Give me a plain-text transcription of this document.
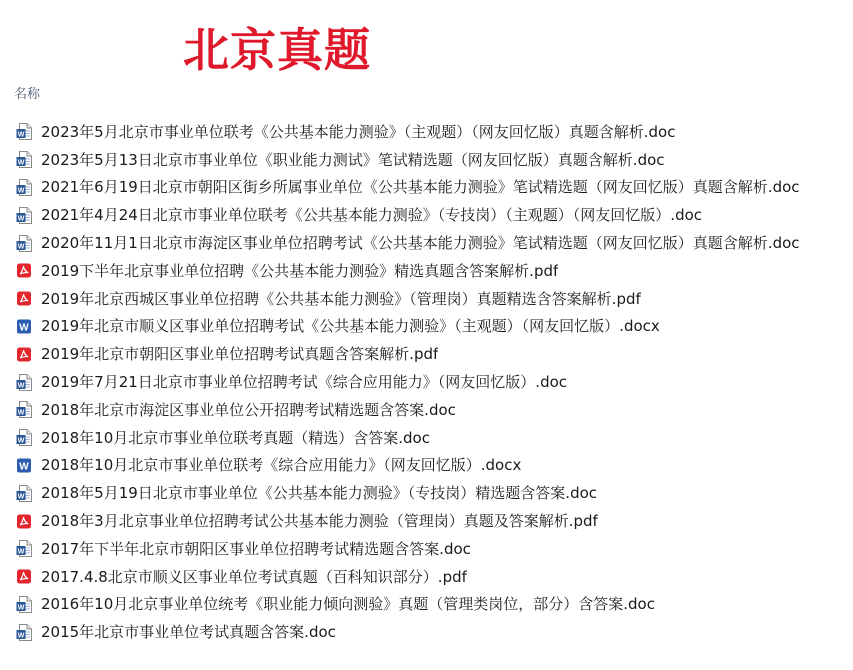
北京真题
名称
W 2023年5月北京市事业单位联考《公共基本能力测验》（主观题）（网友回忆版）真题含解析.doc
W 2023年5月13日北京市事业单位《职业能力测试》笔试精选题（网友回忆版）真题含解析.doc
W 2021年6月19日北京市朝阳区街乡所属事业单位《公共基本能力测验》笔试精选题（网友回忆版）真题含解析.doc
W 2021年4月24日北京市事业单位联考《公共基本能力测验》（专技岗）（主观题）（网友回忆版）.doc
W 2020年11月1日北京市海淀区事业单位招聘考试《公共基本能力测验》笔试精选题（网友回忆版）真题含解析.doc
2019下半年北京事业单位招聘《公共基本能力测验》精选真题含答案解析.pdf
2019年北京西城区事业单位招聘《公共基本能力测验》（管理岗）真题精选含答案解析.pdf
W 2019年北京市顺义区事业单位招聘考试《公共基本能力测验》（主观题）（网友回忆版）.docx
2019年北京市朝阳区事业单位招聘考试真题含答案解析.pdf
W 2019年7月21日北京市事业单位招聘考试《综合应用能力》（网友回忆版）.doc
W 2018年北京市海淀区事业单位公开招聘考试精选题含答案.doc
W 2018年10月北京市事业单位联考真题（精选）含答案.doc
W 2018年10月北京市事业单位联考《综合应用能力》（网友回忆版）.docx
W 2018年5月19日北京市事业单位《公共基本能力测验》（专技岗）精选题含答案.doc
2018年3月北京事业单位招聘考试公共基本能力测验（管理岗）真题及答案解析.pdf
W 2017年下半年北京市朝阳区事业单位招聘考试精选题含答案.doc
2017.4.8北京市顺义区事业单位考试真题（百科知识部分）.pdf
W 2016年10月北京事业单位统考《职业能力倾向测验》真题（管理类岗位，部分）含答案.doc
W 2015年北京市事业单位考试真题含答案.doc
